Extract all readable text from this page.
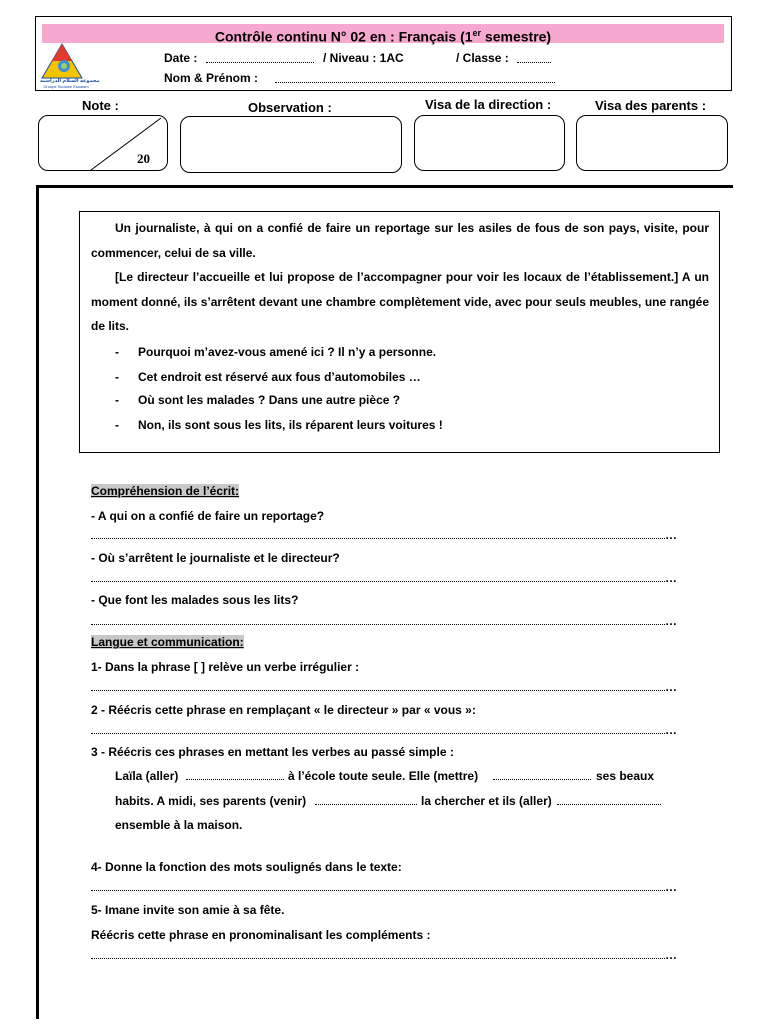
Contrôle continu N° 02 en : Français (1er semestre)
مجموعة السلام الدراسية
Groupe Scolaire Essalam
Date :	/ Niveau : 1AC	/ Classe :
Nom & Prénom :
Note :
20
Observation :	Visa de la direction :	Visa des parents :
Un journaliste, à qui on a confié de faire un reportage sur les asiles de fous de son pays, visite, pour commencer, celui de sa ville.
[Le directeur l’accueille et lui propose de l’accompagner pour voir les locaux de l’établissement.] A un moment donné, ils s’arrêtent devant une chambre complètement vide, avec pour seuls meubles, une rangée de lits.
- Pourquoi m’avez-vous amené ici ? Il n’y a personne.
- Cet endroit est réservé aux fous d’automobiles …
- Où sont les malades ? Dans une autre pièce ?
- Non, ils sont sous les lits, ils réparent leurs voitures !
Compréhension de l’écrit:
- A qui on a confié de faire un reportage?
…
- Où s’arrêtent le journaliste et le directeur?
…
- Que font les malades sous les lits?
…
Langue et communication:
1- Dans la phrase [ ] relève un verbe irrégulier :
…
2 - Réécris cette phrase en remplaçant « le directeur » par « vous »:
…
3 - Réécris ces phrases en mettant les verbes au passé simple :
Laïla (aller)	à l’école toute seule. Elle (mettre)	ses beaux
habits. A midi, ses parents (venir)	la chercher et ils (aller)
ensemble à la maison.
4- Donne la fonction des mots soulignés dans le texte:
…
5- Imane invite son amie à sa fête.
Réécris cette phrase en pronominalisant les compléments :
…
